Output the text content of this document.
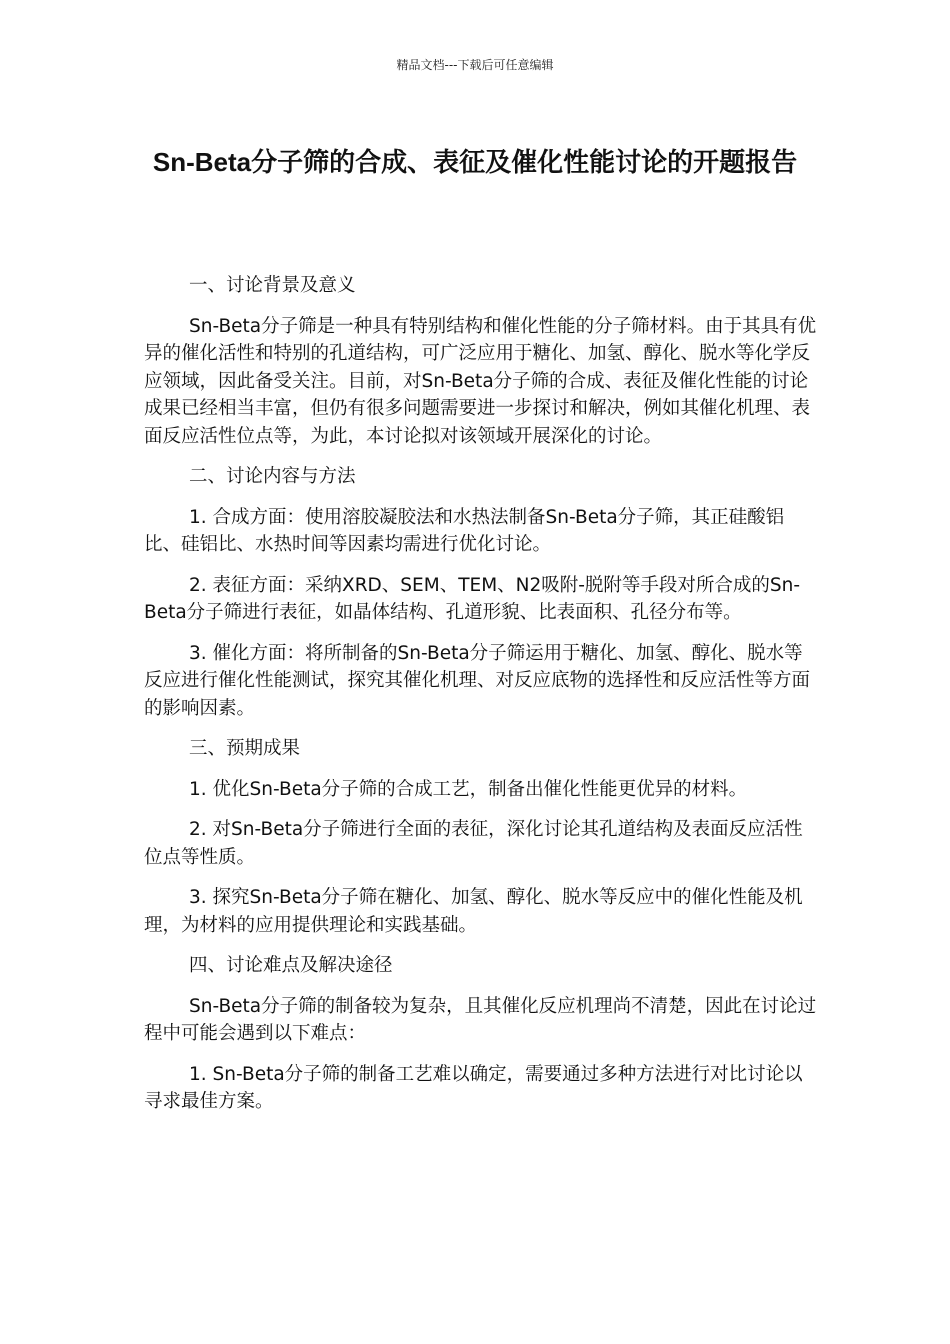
精品文档---下载后可任意编辑
Sn-Beta分子筛的合成、表征及催化性能讨论的开题报告

一、讨论背景及意义

Sn-Beta分子筛是一种具有特别结构和催化性能的分子筛材料。由于其具有优异的催化活性和特别的孔道结构，可广泛应用于糖化、加氢、醇化、脱水等化学反应领域，因此备受关注。目前，对Sn-Beta分子筛的合成、表征及催化性能的讨论成果已经相当丰富，但仍有很多问题需要进一步探讨和解决，例如其催化机理、表面反应活性位点等，为此，本讨论拟对该领域开展深化的讨论。

二、讨论内容与方法

1. 合成方面：使用溶胶凝胶法和水热法制备Sn-Beta分子筛，其正硅酸铝比、硅铝比、水热时间等因素均需进行优化讨论。

2. 表征方面：采纳XRD、SEM、TEM、N2吸附-脱附等手段对所合成的Sn-Beta分子筛进行表征，如晶体结构、孔道形貌、比表面积、孔径分布等。

3. 催化方面：将所制备的Sn-Beta分子筛运用于糖化、加氢、醇化、脱水等反应进行催化性能测试，探究其催化机理、对反应底物的选择性和反应活性等方面的影响因素。

三、预期成果

1. 优化Sn-Beta分子筛的合成工艺，制备出催化性能更优异的材料。

2. 对Sn-Beta分子筛进行全面的表征，深化讨论其孔道结构及表面反应活性位点等性质。

3. 探究Sn-Beta分子筛在糖化、加氢、醇化、脱水等反应中的催化性能及机理，为材料的应用提供理论和实践基础。

四、讨论难点及解决途径

Sn-Beta分子筛的制备较为复杂，且其催化反应机理尚不清楚，因此在讨论过程中可能会遇到以下难点：

1. Sn-Beta分子筛的制备工艺难以确定，需要通过多种方法进行对比讨论以寻求最佳方案。
